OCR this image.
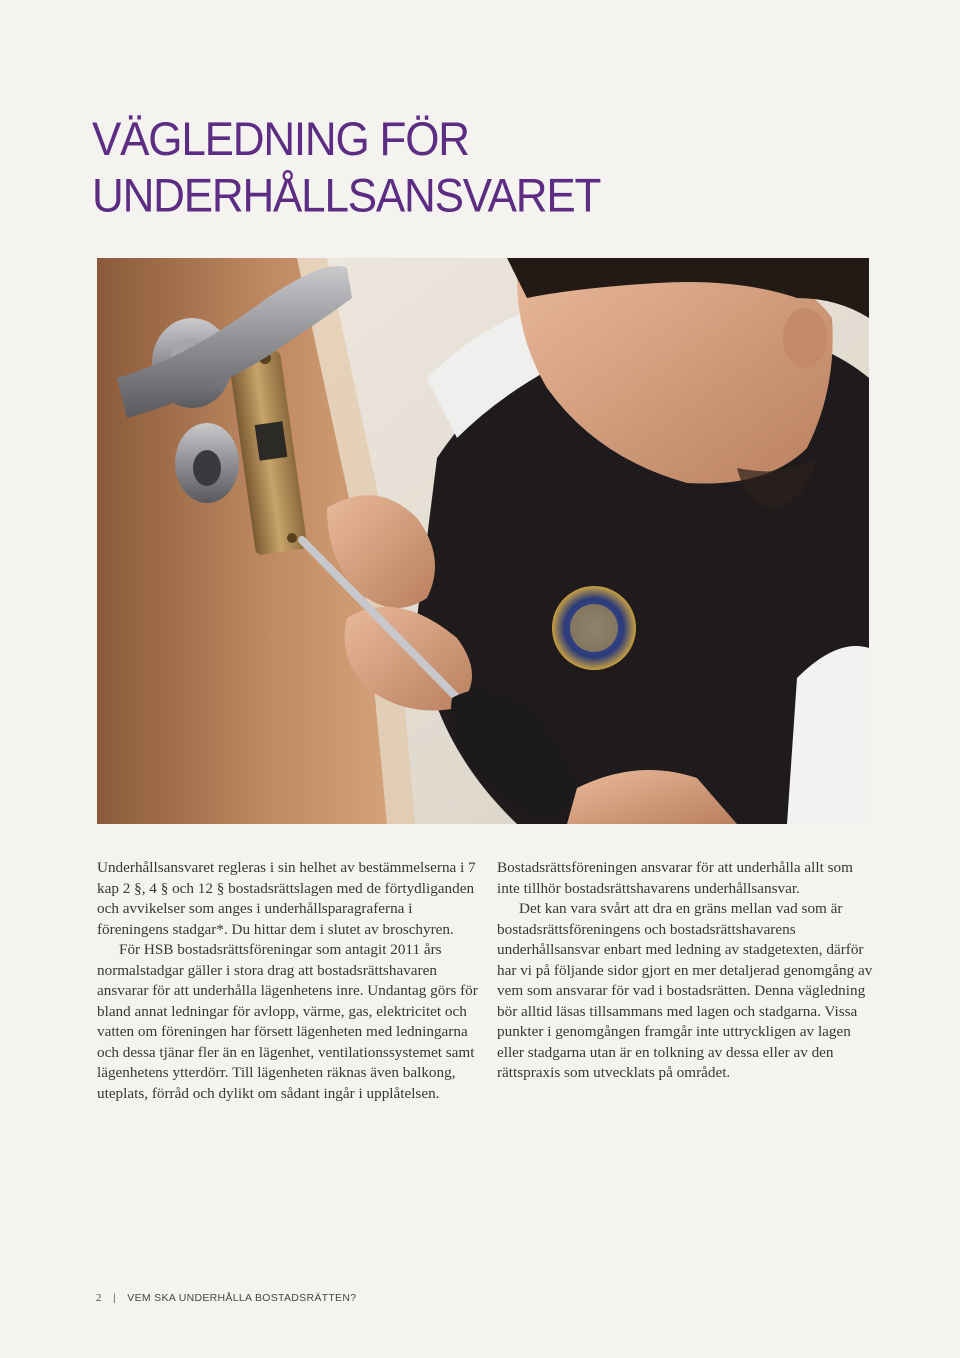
VÄGLEDNING FÖR
UNDERHÅLLSANSVARET

Underhållsansvaret regleras i sin helhet av bestämmelserna i 7 kap 2 §, 4 § och 12 § bostadsrättslagen med de förtydliganden och avvikelser som anges i underhållsparagraferna i föreningens stadgar*. Du hittar dem i slutet av broschyren.

För HSB bostadsrättsföreningar som antagit 2011 års normalstadgar gäller i stora drag att bostadsrättshavaren ansvarar för att underhålla lägenhetens inre. Undantag görs för bland annat ledningar för avlopp, värme, gas, elektricitet och vatten om föreningen har försett lägenheten med ledningarna och dessa tjänar fler än en lägenhet, ventilationssystemet samt lägenhetens ytterdörr. Till lägenheten räknas även balkong, uteplats, förråd och dylikt om sådant ingår i upplåtelsen.

Bostadsrättsföreningen ansvarar för att underhålla allt som inte tillhör bostadsrättshavarens underhållsansvar.

Det kan vara svårt att dra en gräns mellan vad som är bostadsrättsföreningens och bostadsrättshavarens underhållsansvar enbart med ledning av stadgetexten, därför har vi på följande sidor gjort en mer detaljerad genomgång av vem som ansvarar för vad i bostadsrätten. Denna vägledning bör alltid läsas tillsammans med lagen och stadgarna. Vissa punkter i genomgången framgår inte uttryckligen av lagen eller stadgarna utan är en tolkning av dessa eller av den rättspraxis som utvecklats på området.

2 | VEM SKA UNDERHÅLLA BOSTADSRÄTTEN?
